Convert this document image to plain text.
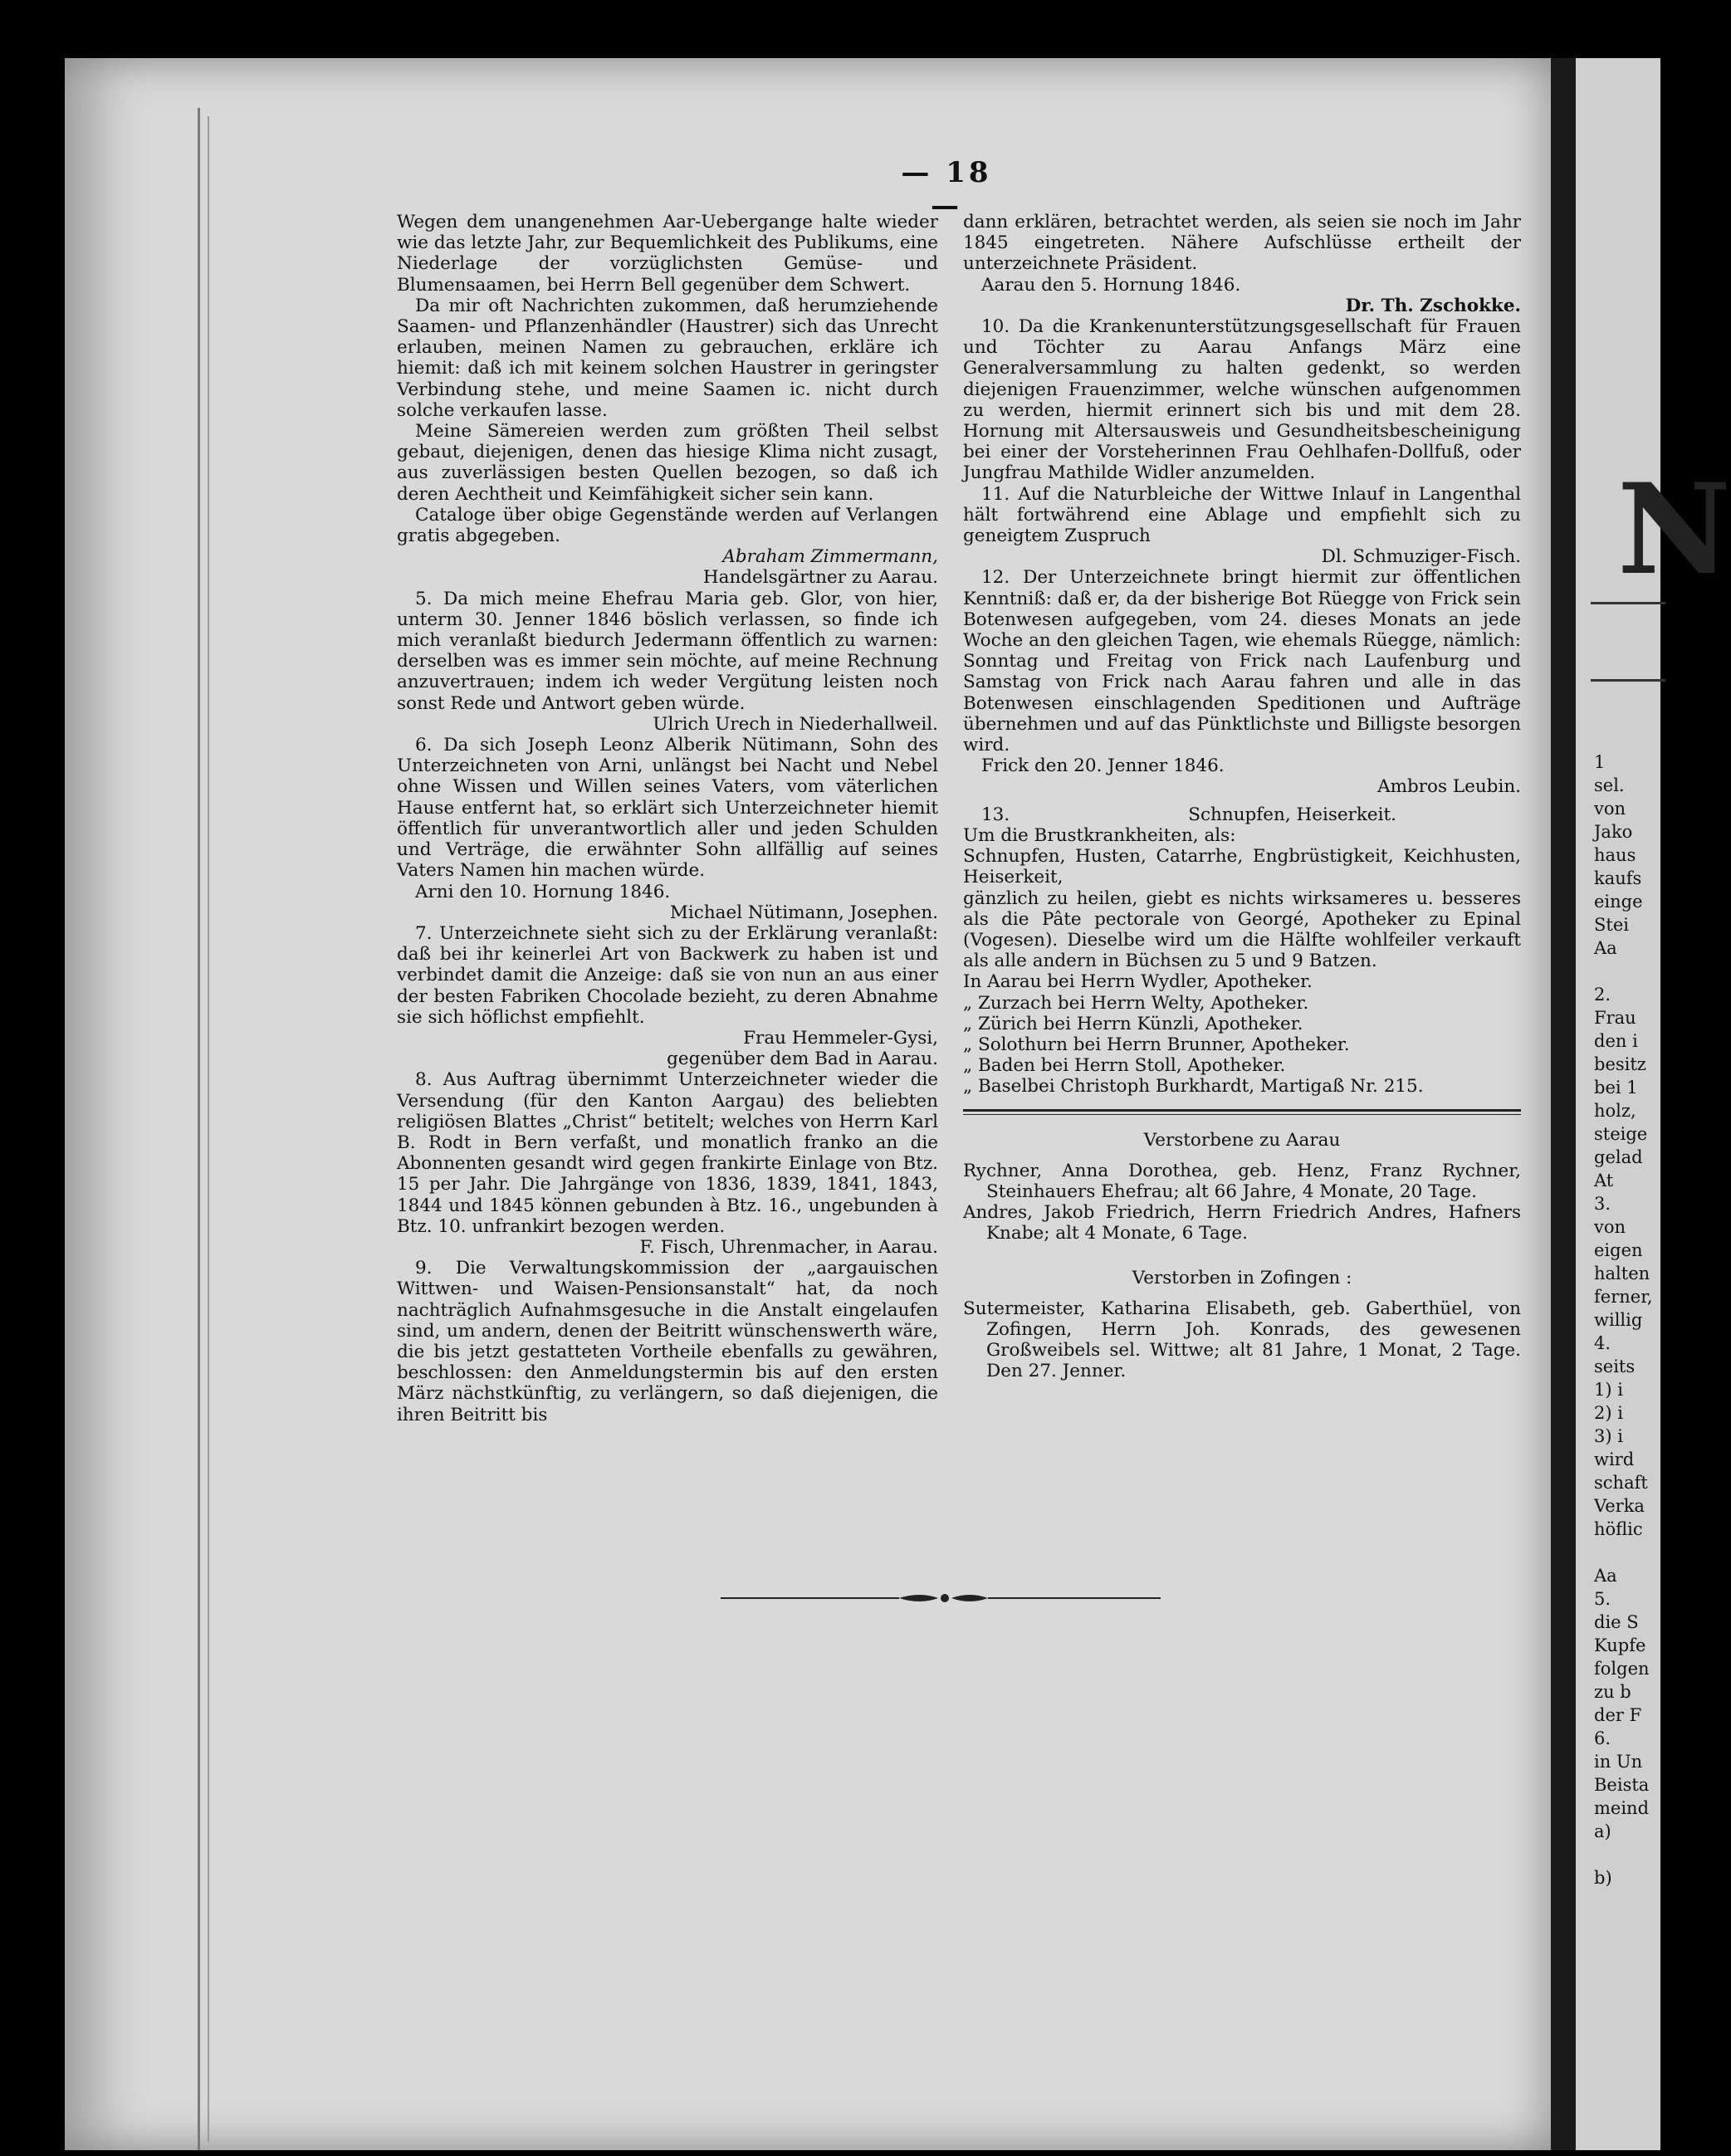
N
1
sel.
von
Jako
haus
kaufs
einge
Stei
Aa
2.
Frau
den i
besitz
bei 1
holz,
steige
gelad
At
3.
von
eigen
halten
ferner,
willig
4.
seits
1) i
2) i
3) i
wird
schaft
Verka
höflic
Aa
5.
die S
Kupfe
folgen
zu b
der F
6.
in Un
Beista
meind
a)
b)
— 18 —

Wegen dem unangenehmen Aar-Uebergange halte wieder wie das letzte Jahr, zur Bequemlichkeit des Publikums, eine Niederlage der vorzüglichsten Gemüse- und Blumensaamen, bei Herrn Bell gegenüber dem Schwert.

Da mir oft Nachrichten zukommen, daß herumziehende Saamen- und Pflanzenhändler (Haustrer) sich das Unrecht erlauben, meinen Namen zu gebrauchen, erkläre ich hiemit: daß ich mit keinem solchen Haustrer in geringster Verbindung stehe, und meine Saamen ic. nicht durch solche verkaufen lasse.

Meine Sämereien werden zum größten Theil selbst gebaut, diejenigen, denen das hiesige Klima nicht zusagt, aus zuverlässigen besten Quellen bezogen, so daß ich deren Aechtheit und Keimfähigkeit sicher sein kann.

Cataloge über obige Gegenstände werden auf Verlangen gratis abgegeben.

Abraham Zimmermann,

Handelsgärtner zu Aarau.

5. Da mich meine Ehefrau Maria geb. Glor, von hier, unterm 30. Jenner 1846 böslich verlassen, so finde ich mich veranlaßt biedurch Jedermann öffentlich zu warnen: derselben was es immer sein möchte, auf meine Rechnung anzuvertrauen; indem ich weder Vergütung leisten noch sonst Rede und Antwort geben würde.

Ulrich Urech in Niederhallweil.

6. Da sich Joseph Leonz Alberik Nütimann, Sohn des Unterzeichneten von Arni, unlängst bei Nacht und Nebel ohne Wissen und Willen seines Vaters, vom väterlichen Hause entfernt hat, so erklärt sich Unterzeichneter hiemit öffentlich für unverantwortlich aller und jeden Schulden und Verträge, die erwähnter Sohn allfällig auf seines Vaters Namen hin machen würde.

Arni den 10. Hornung 1846.

Michael Nütimann, Josephen.

7. Unterzeichnete sieht sich zu der Erklärung veranlaßt: daß bei ihr keinerlei Art von Backwerk zu haben ist und verbindet damit die Anzeige: daß sie von nun an aus einer der besten Fabriken Chocolade bezieht, zu deren Abnahme sie sich höflichst empfiehlt.

Frau Hemmeler-Gysi,

gegenüber dem Bad in Aarau.

8. Aus Auftrag übernimmt Unterzeichneter wieder die Versendung (für den Kanton Aargau) des beliebten religiösen Blattes „Christ“ betitelt; welches von Herrn Karl B. Rodt in Bern verfaßt, und monatlich franko an die Abonnenten gesandt wird gegen frankirte Einlage von Btz. 15 per Jahr. Die Jahrgänge von 1836, 1839, 1841, 1843, 1844 und 1845 können gebunden à Btz. 16., ungebunden à Btz. 10. unfrankirt bezogen werden.

F. Fisch, Uhrenmacher, in Aarau.

9. Die Verwaltungskommission der „aargauischen Wittwen- und Waisen-Pensionsanstalt“ hat, da noch nachträglich Aufnahmsgesuche in die Anstalt eingelaufen sind, um andern, denen der Beitritt wünschenswerth wäre, die bis jetzt gestatteten Vortheile ebenfalls zu gewähren, beschlossen: den Anmeldungstermin bis auf den ersten März nächstkünftig, zu verlängern, so daß diejenigen, die ihren Beitritt bis

dann erklären, betrachtet werden, als seien sie noch im Jahr 1845 eingetreten. Nähere Aufschlüsse ertheilt der unterzeichnete Präsident.

Aarau den 5. Hornung 1846.

Dr. Th. Zschokke.

10. Da die Krankenunterstützungsgesellschaft für Frauen und Töchter zu Aarau Anfangs März eine Generalversammlung zu halten gedenkt, so werden diejenigen Frauenzimmer, welche wünschen aufgenommen zu werden, hiermit erinnert sich bis und mit dem 28. Hornung mit Altersausweis und Gesundheitsbescheinigung bei einer der Vorsteherinnen Frau Oehlhafen-Dollfuß, oder Jungfrau Mathilde Widler anzumelden.

11. Auf die Naturbleiche der Wittwe Inlauf in Langenthal hält fortwährend eine Ablage und empfiehlt sich zu geneigtem Zuspruch

Dl. Schmuziger-Fisch.

12. Der Unterzeichnete bringt hiermit zur öffentlichen Kenntniß: daß er, da der bisherige Bot Rüegge von Frick sein Botenwesen aufgegeben, vom 24. dieses Monats an jede Woche an den gleichen Tagen, wie ehemals Rüegge, nämlich: Sonntag und Freitag von Frick nach Laufenburg und Samstag von Frick nach Aarau fahren und alle in das Botenwesen einschlagenden Speditionen und Aufträge übernehmen und auf das Pünktlichste und Billigste besorgen wird.

Frick den 20. Jenner 1846.

Ambros Leubin.

13.	Schnupfen, Heiserkeit.

Um die Brustkrankheiten, als:

Schnupfen, Husten, Catarrhe, Engbrüstigkeit, Keichhusten, Heiserkeit,

gänzlich zu heilen, giebt es nichts wirksameres u. besseres als die Pâte pectorale von Georgé, Apotheker zu Epinal (Vogesen). Dieselbe wird um die Hälfte wohlfeiler verkauft als alle andern in Büchsen zu 5 und 9 Batzen.

In Aarau bei Herrn Wydler, Apotheker.

„ Zurzach bei Herrn Welty, Apotheker.

„ Zürich bei Herrn Künzli, Apotheker.

„ Solothurn bei Herrn Brunner, Apotheker.

„ Baden bei Herrn Stoll, Apotheker.

„ Baselbei Christoph Burkhardt, Martigaß Nr. 215.

Verstorbene zu Aarau

Rychner, Anna Dorothea, geb. Henz, Franz Rychner, Steinhauers Ehefrau; alt 66 Jahre, 4 Monate, 20 Tage.

Andres, Jakob Friedrich, Herrn Friedrich Andres, Hafners Knabe; alt 4 Monate, 6 Tage.

Verstorben in Zofingen :

Sutermeister, Katharina Elisabeth, geb. Gaberthüel, von Zofingen, Herrn Joh. Konrads, des gewesenen Großweibels sel. Wittwe; alt 81 Jahre, 1 Monat, 2 Tage. Den 27. Jenner.
